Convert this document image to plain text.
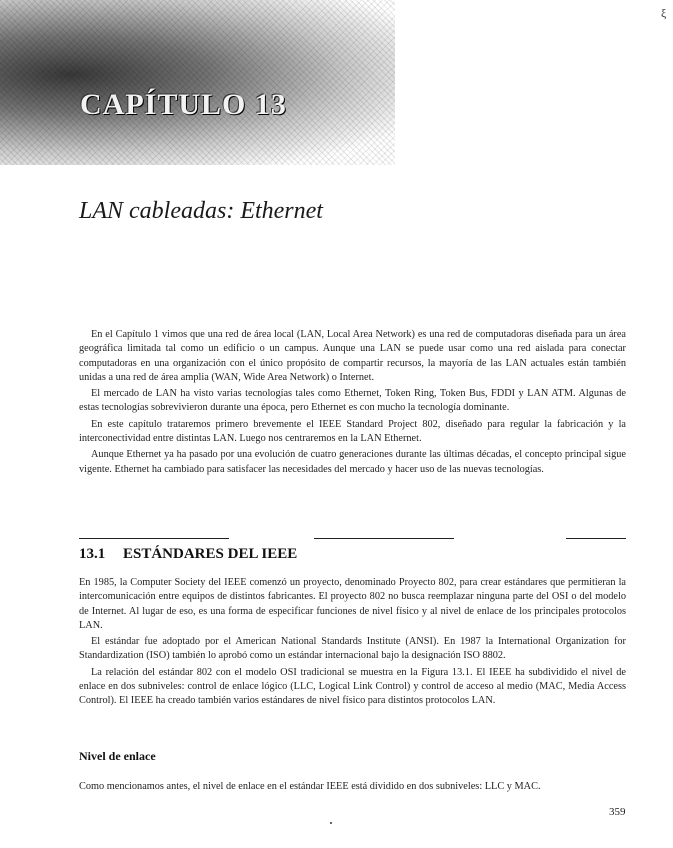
ξ
CAPÍTULO 13
LAN cableadas: Ethernet

En el Capítulo 1 vimos que una red de área local (LAN, Local Area Network) es una red de computadoras diseñada para un área geográfica limitada tal como un edificio o un campus. Aunque una LAN se puede usar como una red aislada para conectar computadoras en una organización con el único propósito de compartir recursos, la mayoría de las LAN actuales están también unidas a una red de área amplia (WAN, Wide Area Network) o Internet.

El mercado de LAN ha visto varias tecnologías tales como Ethernet, Token Ring, Token Bus, FDDI y LAN ATM. Algunas de estas tecnologías sobrevivieron durante una época, pero Ethernet es con mucho la tecnología dominante.

En este capítulo trataremos primero brevemente el IEEE Standard Project 802, diseñado para regular la fabricación y la interconectividad entre distintas LAN. Luego nos centraremos en la LAN Ethernet.

Aunque Ethernet ya ha pasado por una evolución de cuatro generaciones durante las últimas décadas, el concepto principal sigue vigente. Ethernet ha cambiado para satisfacer las necesidades del mercado y hacer uso de las nuevas tecnologías.

13.1 ESTÁNDARES DEL IEEE

En 1985, la Computer Society del IEEE comenzó un proyecto, denominado Proyecto 802, para crear estándares que permitieran la intercomunicación entre equipos de distintos fabricantes. El proyecto 802 no busca reemplazar ninguna parte del OSI o del modelo de Internet. Al lugar de eso, es una forma de especificar funciones de nivel físico y al nivel de enlace de los principales protocolos LAN.

El estándar fue adoptado por el American National Standards Institute (ANSI). En 1987 la International Organization for Standardization (ISO) también lo aprobó como un estándar internacional bajo la designación ISO 8802.

La relación del estándar 802 con el modelo OSI tradicional se muestra en la Figura 13.1. El IEEE ha subdividido el nivel de enlace en dos subniveles: control de enlace lógico (LLC, Logical Link Control) y control de acceso al medio (MAC, Media Access Control). El IEEE ha creado también varios estándares de nivel físico para distintos protocolos LAN.

Nivel de enlace

Como mencionamos antes, el nivel de enlace en el estándar IEEE está dividido en dos subniveles: LLC y MAC.

359
